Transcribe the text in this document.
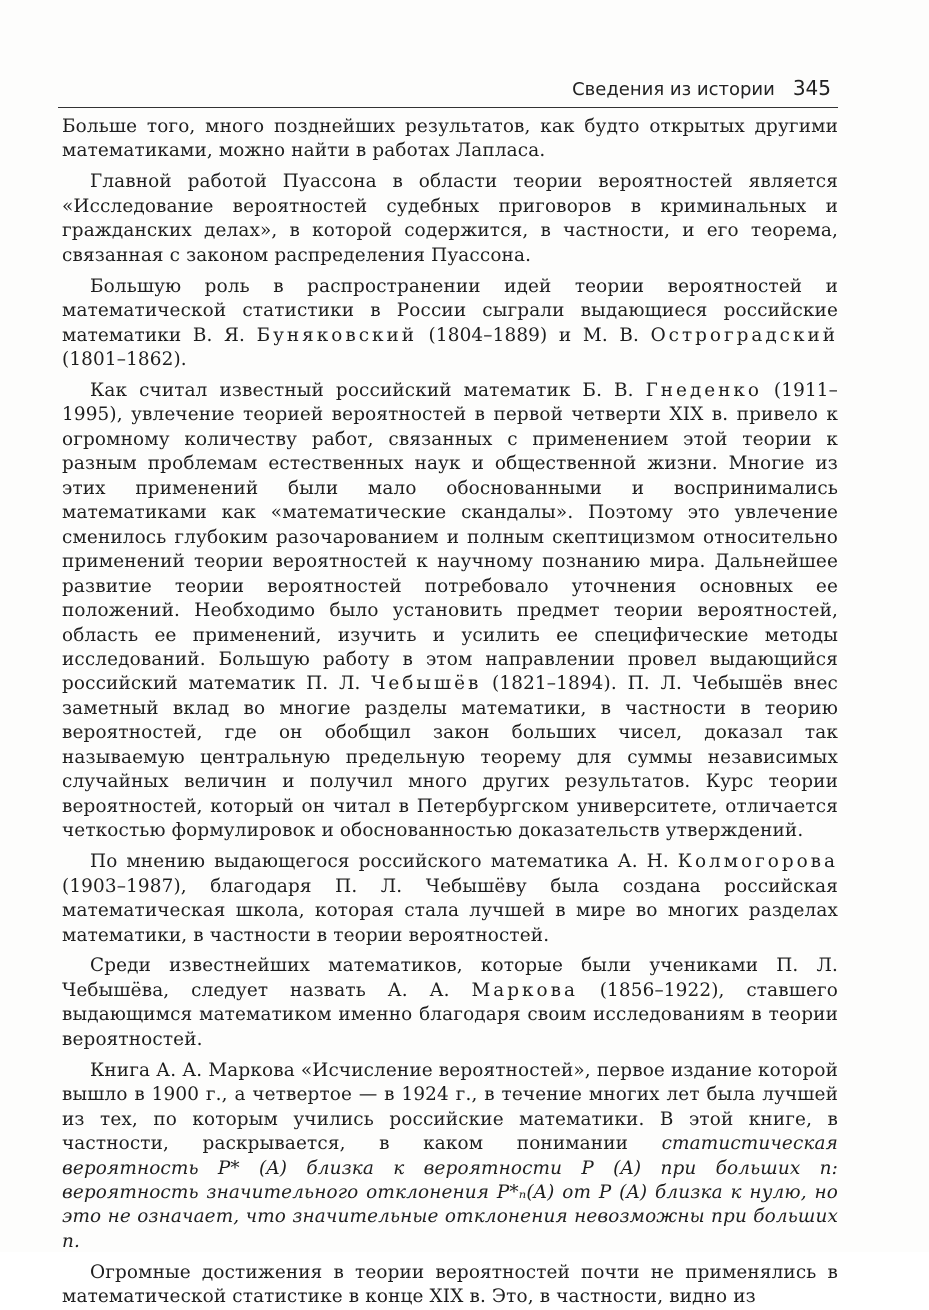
Сведения из истории 345

Больше того, много позднейших результатов, как будто открытых другими математиками, можно найти в работах Лапласа.

Главной работой Пуассона в области теории вероятностей является «Исследование вероятностей судебных приговоров в криминальных и гражданских делах», в которой содержится, в частности, и его теорема, связанная с законом распределения Пуассона.

Большую роль в распространении идей теории вероятностей и математической статистики в России сыграли выдающиеся российские математики В. Я. Буняковский (1804–1889) и М. В. Остроградский (1801–1862).

Как считал известный российский математик Б. В. Гнеденко (1911–1995), увлечение теорией вероятностей в первой четверти XIX в. привело к огромному количеству работ, связанных с применением этой теории к разным проблемам естественных наук и общественной жизни. Многие из этих применений были мало обоснованными и воспринимались математиками как «математические скандалы». Поэтому это увлечение сменилось глубоким разочарованием и полным скептицизмом относительно применений теории вероятностей к научному познанию мира. Дальнейшее развитие теории вероятностей потребовало уточнения основных ее положений. Необходимо было установить предмет теории вероятностей, область ее применений, изучить и усилить ее специфические методы исследований. Большую работу в этом направлении провел выдающийся российский математик П. Л. Чебышёв (1821–1894). П. Л. Чебышёв внес заметный вклад во многие разделы математики, в частности в теорию вероятностей, где он обобщил закон больших чисел, доказал так называемую центральную предельную теорему для суммы независимых случайных величин и получил много других результатов. Курс теории вероятностей, который он читал в Петербургском университете, отличается четкостью формулировок и обоснованностью доказательств утверждений.

По мнению выдающегося российского математика А. Н. Колмогорова (1903–1987), благодаря П. Л. Чебышёву была создана российская математическая школа, которая стала лучшей в мире во многих разделах математики, в частности в теории вероятностей.

Среди известнейших математиков, которые были учениками П. Л. Чебышёва, следует назвать А. А. Маркова (1856–1922), ставшего выдающимся математиком именно благодаря своим исследованиям в теории вероятностей.

Книга А. А. Маркова «Исчисление вероятностей», первое издание которой вышло в 1900 г., а четвертое — в 1924 г., в течение многих лет была лучшей из тех, по которым учились российские математики. В этой книге, в частности, раскрывается, в каком понимании статистическая вероятность P* (A) близка к вероятности P (A) при больших n: вероятность значительного отклонения P*ₙ(A) от P (A) близка к нулю, но это не означает, что значительные отклонения невозможны при больших n.

Огромные достижения в теории вероятностей почти не применялись в математической статистике в конце XIX в. Это, в частности, видно из
